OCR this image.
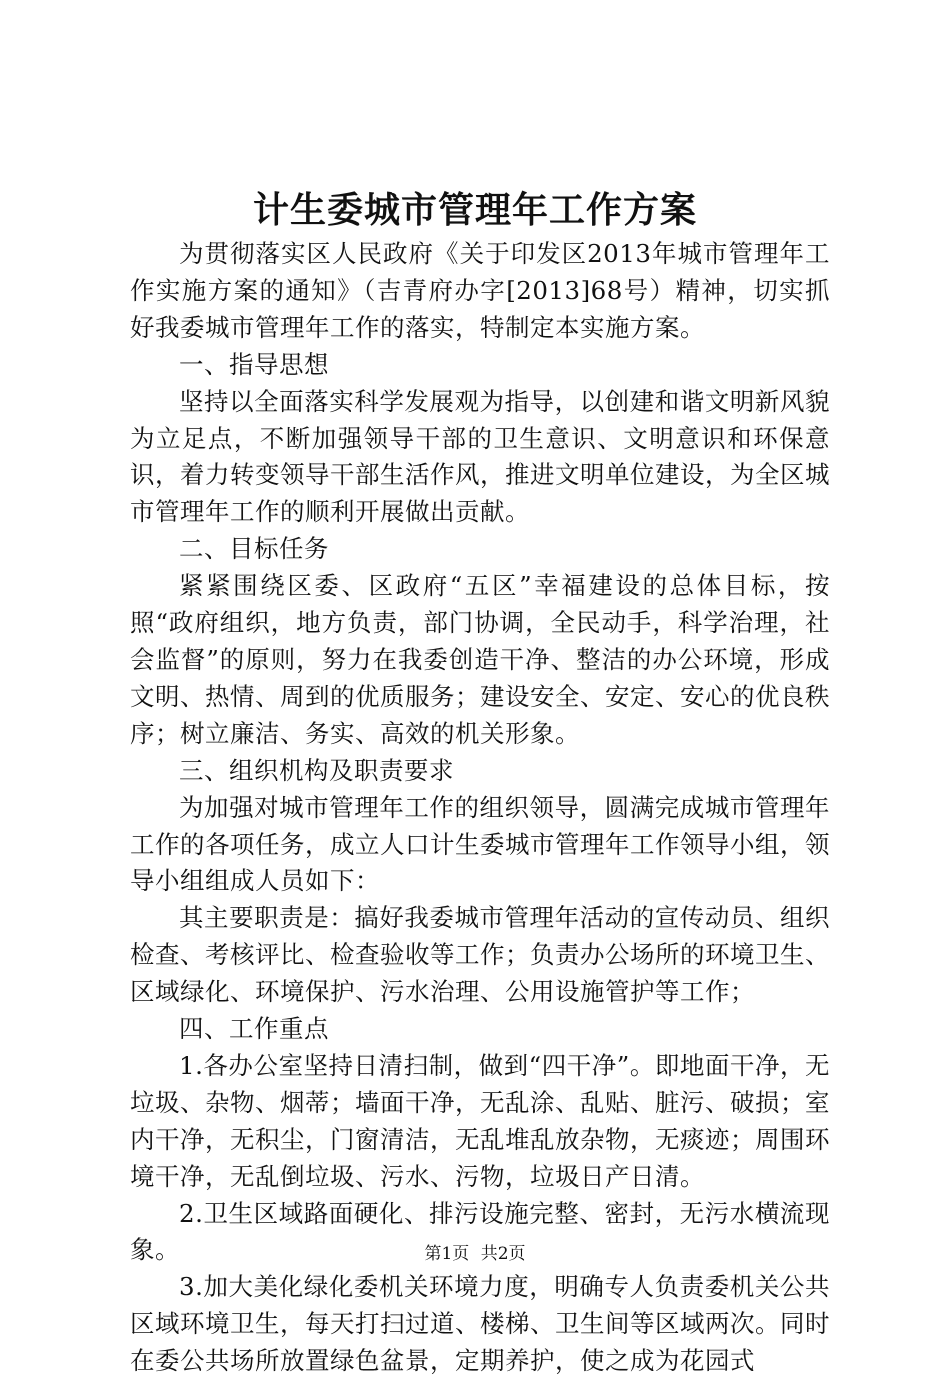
计生委城市管理年工作方案

为贯彻落实区人民政府《关于印发区2013年城市管理年工作实施方案的通知》（吉青府办字[2013]68号）精神，切实抓好我委城市管理年工作的落实，特制定本实施方案。

一、指导思想

坚持以全面落实科学发展观为指导，以创建和谐文明新风貌为立足点，不断加强领导干部的卫生意识、文明意识和环保意识，着力转变领导干部生活作风，推进文明单位建设，为全区城市管理年工作的顺利开展做出贡献。

二、目标任务

紧紧围绕区委、区政府“五区”幸福建设的总体目标，按照“政府组织，地方负责，部门协调，全民动手，科学治理，社会监督”的原则，努力在我委创造干净、整洁的办公环境，形成文明、热情、周到的优质服务；建设安全、安定、安心的优良秩序；树立廉洁、务实、高效的机关形象。

三、组织机构及职责要求

为加强对城市管理年工作的组织领导，圆满完成城市管理年工作的各项任务，成立人口计生委城市管理年工作领导小组，领导小组组成人员如下：

其主要职责是：搞好我委城市管理年活动的宣传动员、组织检查、考核评比、检查验收等工作；负责办公场所的环境卫生、区域绿化、环境保护、污水治理、公用设施管护等工作；

四、工作重点

1.各办公室坚持日清扫制，做到“四干净”。即地面干净，无垃圾、杂物、烟蒂；墙面干净，无乱涂、乱贴、脏污、破损；室内干净，无积尘，门窗清洁，无乱堆乱放杂物，无痰迹；周围环境干净，无乱倒垃圾、污水、污物，垃圾日产日清。

2.卫生区域路面硬化、排污设施完整、密封，无污水横流现象。

3.加大美化绿化委机关环境力度，明确专人负责委机关公共区域环境卫生，每天打扫过道、楼梯、卫生间等区域两次。同时在委公共场所放置绿色盆景，定期养护，使之成为花园式

第1页 共2页
